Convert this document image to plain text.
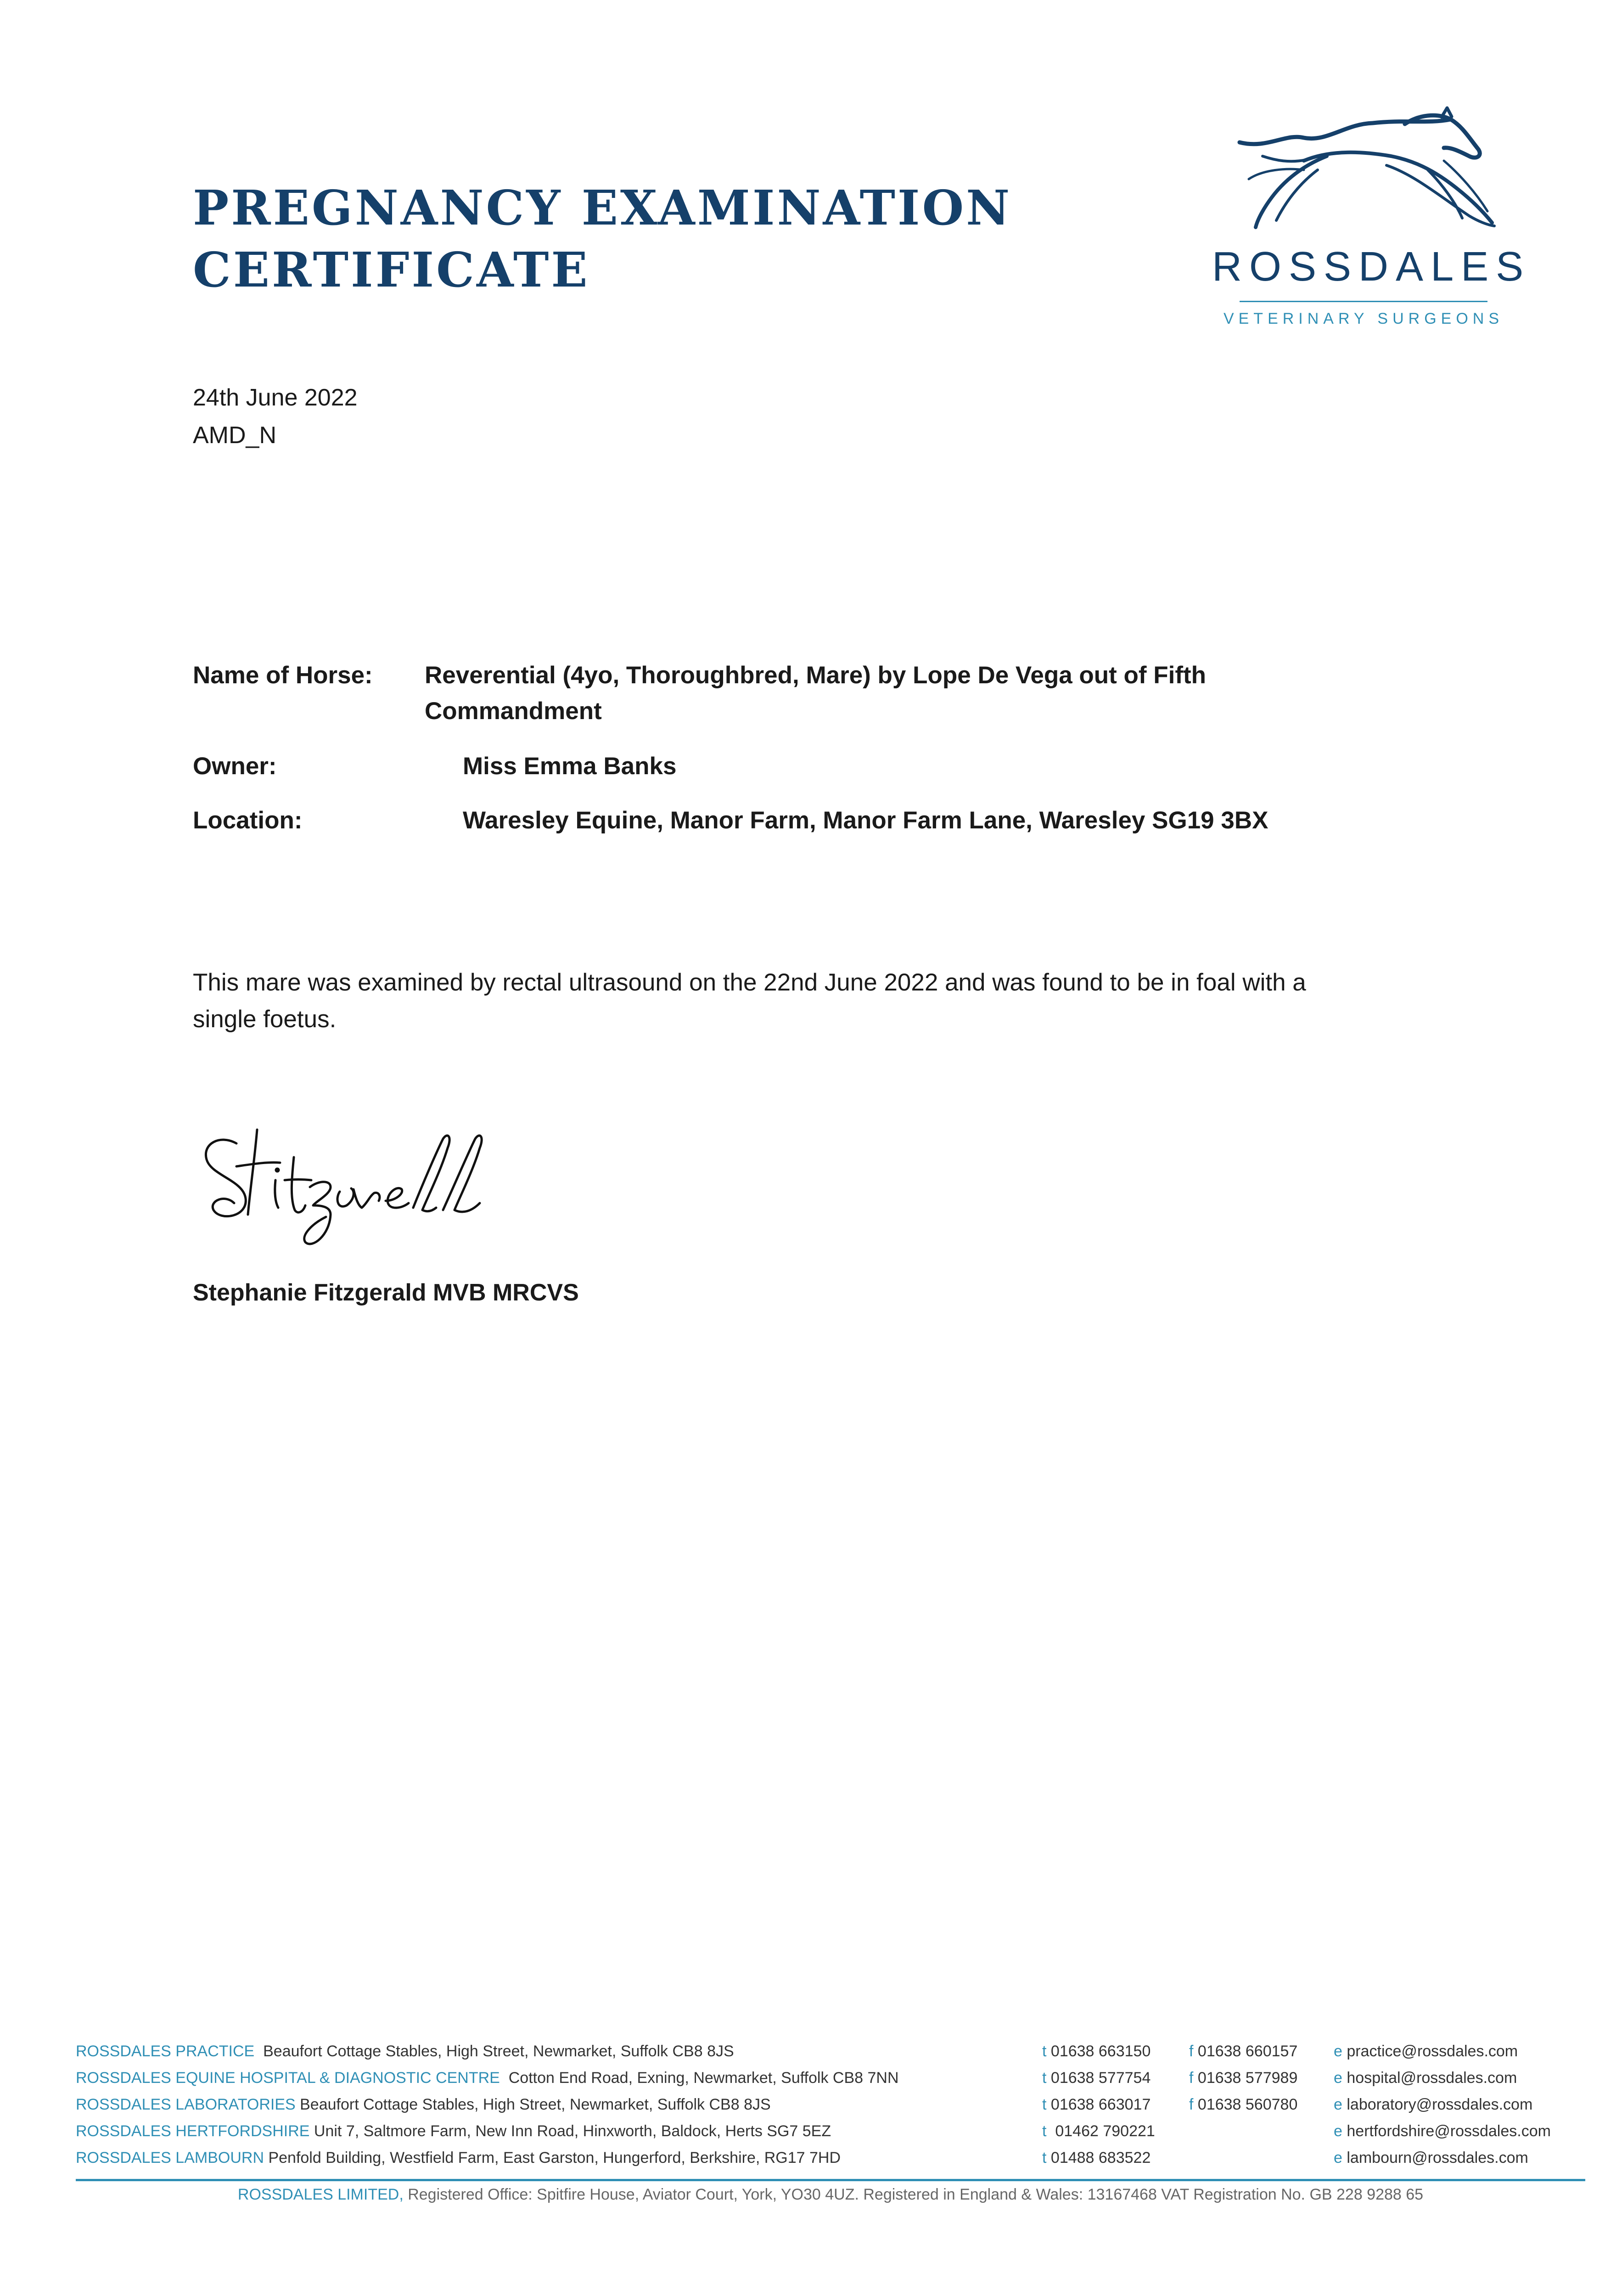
PREGNANCY EXAMINATION
CERTIFICATE	ROSSDALES
VETERINARY SURGEONS
24th June 2022
AMD_N
Name of Horse: Reverential (4yo, Thoroughbred, Mare) by Lope De Vega out of Fifth
Commandment
Owner:	Miss Emma Banks
Location:	Waresley Equine, Manor Farm, Manor Farm Lane, Waresley SG19 3BX
This mare was examined by rectal ultrasound on the 22nd June 2022 and was found to be in foal with a
single foetus.
Stephanie Fitzgerald MVB MRCVS
ROSSDALES PRACTICE  Beaufort Cottage Stables, High Street, Newmarket, Suffolk CB8 8JS	t 01638 663150 f 01638 660157 e practice@rossdales.com
ROSSDALES EQUINE HOSPITAL & DIAGNOSTIC CENTRE  Cotton End Road, Exning, Newmarket, Suffolk CB8 7NN	t 01638 577754 f 01638 577989 e hospital@rossdales.com
ROSSDALES LABORATORIES Beaufort Cottage Stables, High Street, Newmarket, Suffolk CB8 8JS	t 01638 663017 f 01638 560780 e laboratory@rossdales.com
ROSSDALES HERTFORDSHIRE Unit 7, Saltmore Farm, New Inn Road, Hinxworth, Baldock, Herts SG7 5EZ	t  01462 790221	e hertfordshire@rossdales.com
ROSSDALES LAMBOURN Penfold Building, Westfield Farm, East Garston, Hungerford, Berkshire, RG17 7HD	t 01488 683522	e lambourn@rossdales.com
ROSSDALES LIMITED, Registered Office: Spitfire House, Aviator Court, York, YO30 4UZ. Registered in England & Wales: 13167468 VAT Registration No. GB 228 9288 65
